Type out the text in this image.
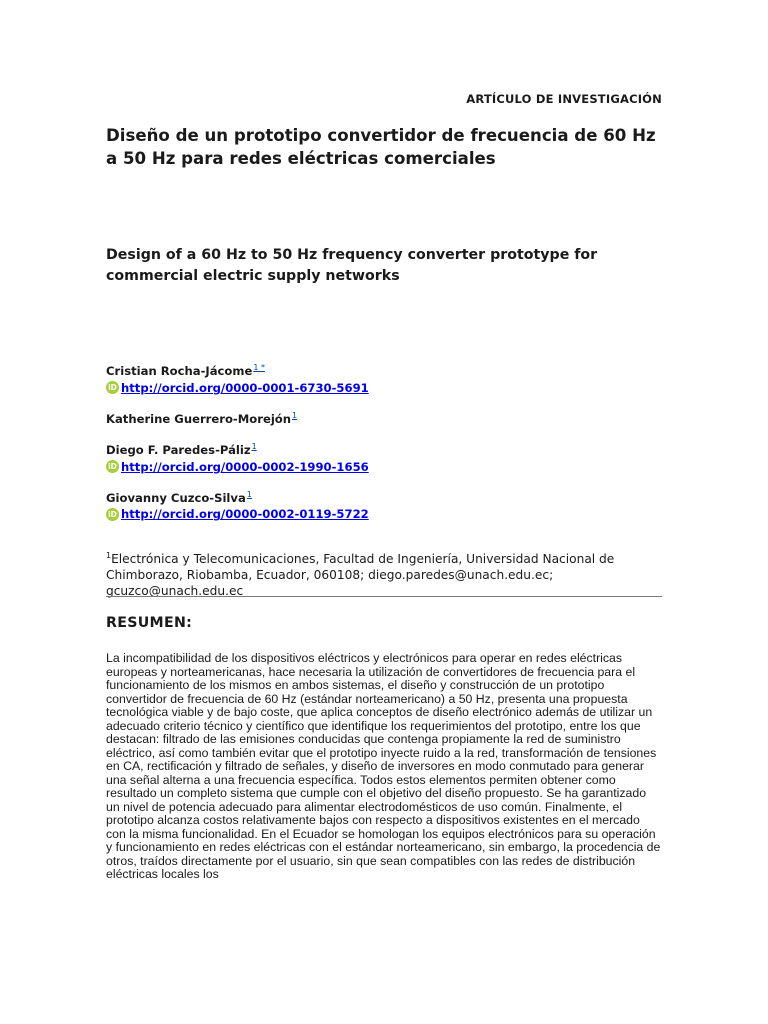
ARTÍCULO DE INVESTIGACIÓN
Diseño de un prototipo convertidor de frecuencia de 60 Hz a 50 Hz para redes eléctricas comerciales
Design of a 60 Hz to 50 Hz frequency converter prototype for commercial electric supply networks
Cristian Rocha-Jácome$^{1 *}$
iD http://orcid.org/0000-0001-6730-5691
Katherine Guerrero-Morejón$^1$
Diego F. Paredes-Páliz$^1$
iD http://orcid.org/0000-0002-1990-1656
Giovanny Cuzco-Silva$^1$
iD http://orcid.org/0000-0002-0119-5722

$^1$Electrónica y Telecomunicaciones, Facultad de Ingeniería, Universidad Nacional de Chimborazo, Riobamba, Ecuador, 060108; diego.paredes@unach.edu.ec; gcuzco@unach.edu.ec

RESUMEN:

La incompatibilidad de los dispositivos eléctricos y electrónicos para operar en redes eléctricas europeas y norteamericanas, hace necesaria la utilización de convertidores de frecuencia para el funcionamiento de los mismos en ambos sistemas, el diseño y construcción de un prototipo convertidor de frecuencia de 60 Hz (estándar norteamericano) a 50 Hz, presenta una propuesta tecnológica viable y de bajo coste, que aplica conceptos de diseño electrónico además de utilizar un adecuado criterio técnico y científico que identifique los requerimientos del prototipo, entre los que destacan: filtrado de las emisiones conducidas que contenga propiamente la red de suministro eléctrico, así como también evitar que el prototipo inyecte ruido a la red, transformación de tensiones en CA, rectificación y filtrado de señales, y diseño de inversores en modo conmutado para generar una señal alterna a una frecuencia específica. Todos estos elementos permiten obtener como resultado un completo sistema que cumple con el objetivo del diseño propuesto. Se ha garantizado un nivel de potencia adecuado para alimentar electrodomésticos de uso común. Finalmente, el prototipo alcanza costos relativamente bajos con respecto a dispositivos existentes en el mercado con la misma funcionalidad. En el Ecuador se homologan los equipos electrónicos para su operación y funcionamiento en redes eléctricas con el estándar norteamericano, sin embargo, la procedencia de otros, traídos directamente por el usuario, sin que sean compatibles con las redes de distribución eléctricas locales los
